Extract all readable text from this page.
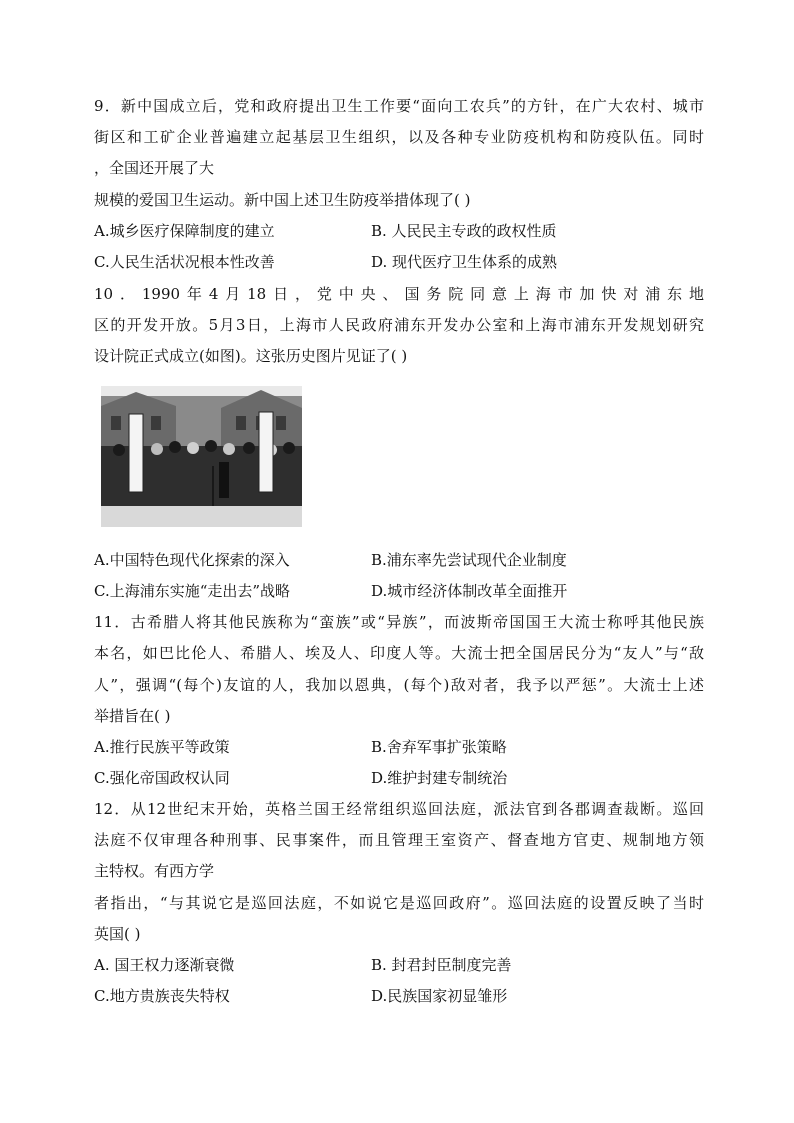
9．新中国成立后，党和政府提出卫生工作要“面向工农兵”的方针，在广大农村、城市
街区和工矿企业普遍建立起基层卫生组织，以及各种专业防疫机构和防疫队伍。同时
，全国还开展了大
规模的爱国卫生运动。新中国上述卫生防疫举措体现了( )
A.城乡医疗保障制度的建立	B. 人民民主专政的政权性质
C.人民生活状况根本性改善	D. 现代医疗卫生体系的成熟
10．1990年4月18日，党中央、国务院同意上海市加快对浦东地
区的开发开放。5月3日，上海市人民政府浦东开发办公室和上海市浦东开发规划研究
设计院正式成立(如图)。这张历史图片见证了( )
A.中国特色现代化探索的深入	B.浦东率先尝试现代企业制度
C.上海浦东实施“走出去”战略	D.城市经济体制改革全面推开
11．古希腊人将其他民族称为“蛮族”或“异族”，而波斯帝国国王大流士称呼其他民族
本名，如巴比伦人、希腊人、埃及人、印度人等。大流士把全国居民分为“友人”与“敌
人”，强调“(每个)友谊的人，我加以恩典，(每个)敌对者，我予以严惩”。大流士上述
举措旨在( )
A.推行民族平等政策	B.舍弃军事扩张策略
C.强化帝国政权认同	D.维护封建专制统治
12．从12世纪末开始，英格兰国王经常组织巡回法庭，派法官到各郡调查裁断。巡回
法庭不仅审理各种刑事、民事案件，而且管理王室资产、督查地方官吏、规制地方领
主特权。有西方学
者指出，“与其说它是巡回法庭，不如说它是巡回政府”。巡回法庭的设置反映了当时
英国( )
A. 国王权力逐渐衰微	B. 封君封臣制度完善
C.地方贵族丧失特权	D.民族国家初显雏形
